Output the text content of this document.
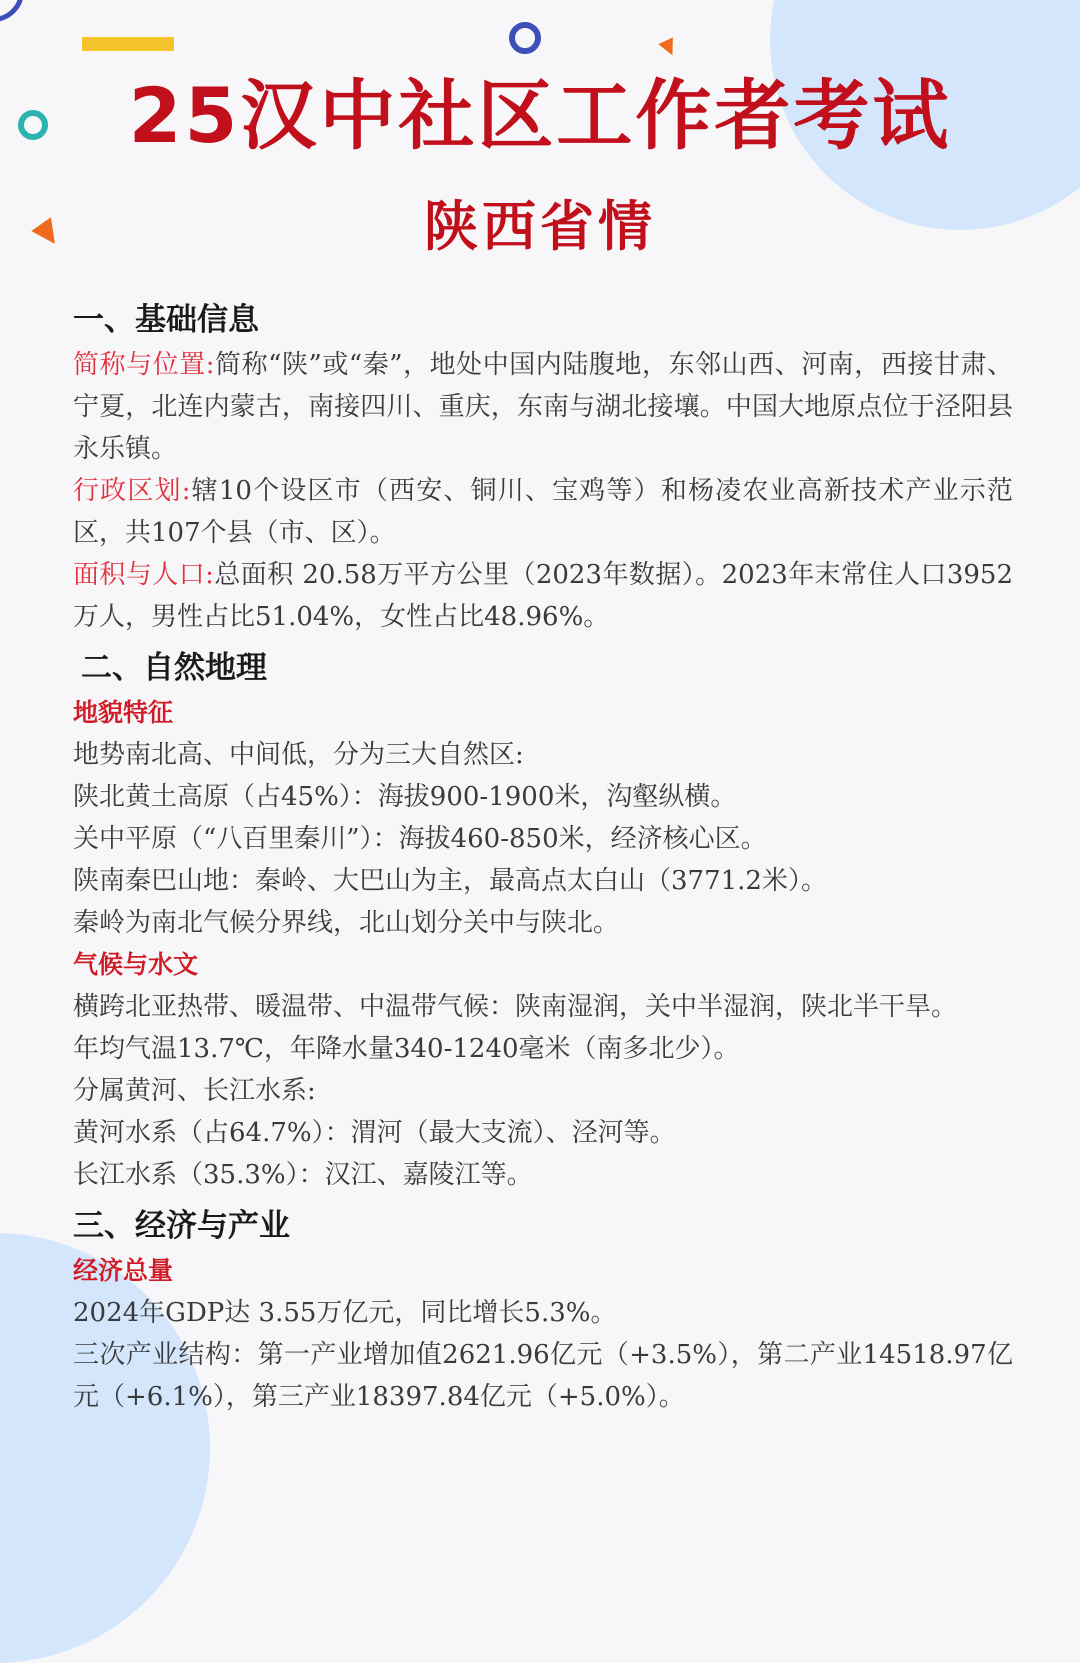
25汉中社区工作者考试
陕西省情
一、基础信息

简称与位置:简称“陕”或“秦”，地处中国内陆腹地，东邻山西、河南，西接甘肃、宁夏，北连内蒙古，南接四川、重庆，东南与湖北接壤。中国大地原点位于泾阳县永乐镇。

行政区划:辖10个设区市（西安、铜川、宝鸡等）和杨凌农业高新技术产业示范区，共107个县（市、区）。

面积与人口:总面积 20.58万平方公里（2023年数据）。2023年末常住人口3952万人，男性占比51.04%，女性占比48.96%。

二、自然地理
地貌特征

地势南北高、中间低，分为三大自然区:

陕北黄土高原（占45%）：海拔900-1900米，沟壑纵横。

关中平原（“八百里秦川”）：海拔460-850米，经济核心区。

陕南秦巴山地：秦岭、大巴山为主，最高点太白山（3771.2米）。

秦岭为南北气候分界线，北山划分关中与陕北。

气候与水文

横跨北亚热带、暖温带、中温带气候：陕南湿润，关中半湿润，陕北半干旱。

年均气温13.7℃，年降水量340-1240毫米（南多北少）。

分属黄河、长江水系:

黄河水系（占64.7%）：渭河（最大支流）、泾河等。

长江水系（35.3%）：汉江、嘉陵江等。

三、经济与产业
经济总量

2024年GDP达 3.55万亿元，同比增长5.3%。

三次产业结构：第一产业增加值2621.96亿元（+3.5%），第二产业14518.97亿元（+6.1%），第三产业18397.84亿元（+5.0%）。
